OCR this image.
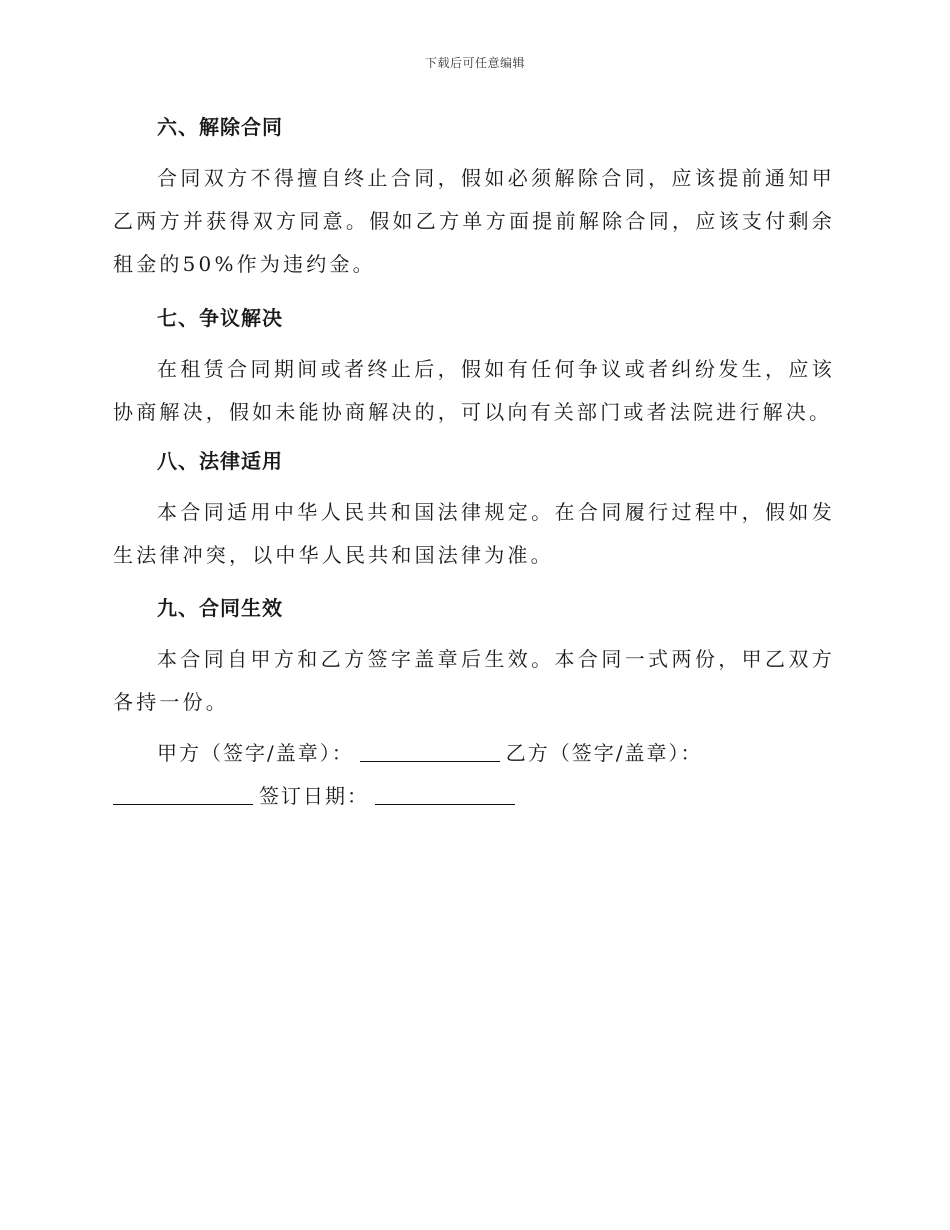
下载后可任意编辑

六、解除合同

合同双方不得擅自终止合同，假如必须解除合同，应该提前通知甲乙两方并获得双方同意。假如乙方单方面提前解除合同，应该支付剩余租金的50%作为违约金。

七、争议解决

在租赁合同期间或者终止后，假如有任何争议或者纠纷发生，应该协商解决，假如未能协商解决的，可以向有关部门或者法院进行解决。

八、法律适用

本合同适用中华人民共和国法律规定。在合同履行过程中，假如发生法律冲突，以中华人民共和国法律为准。

九、合同生效

本合同自甲方和乙方签字盖章后生效。本合同一式两份，甲乙双方各持一份。

甲方（签字/盖章）：	乙方（签字/盖章）：
签订日期：
